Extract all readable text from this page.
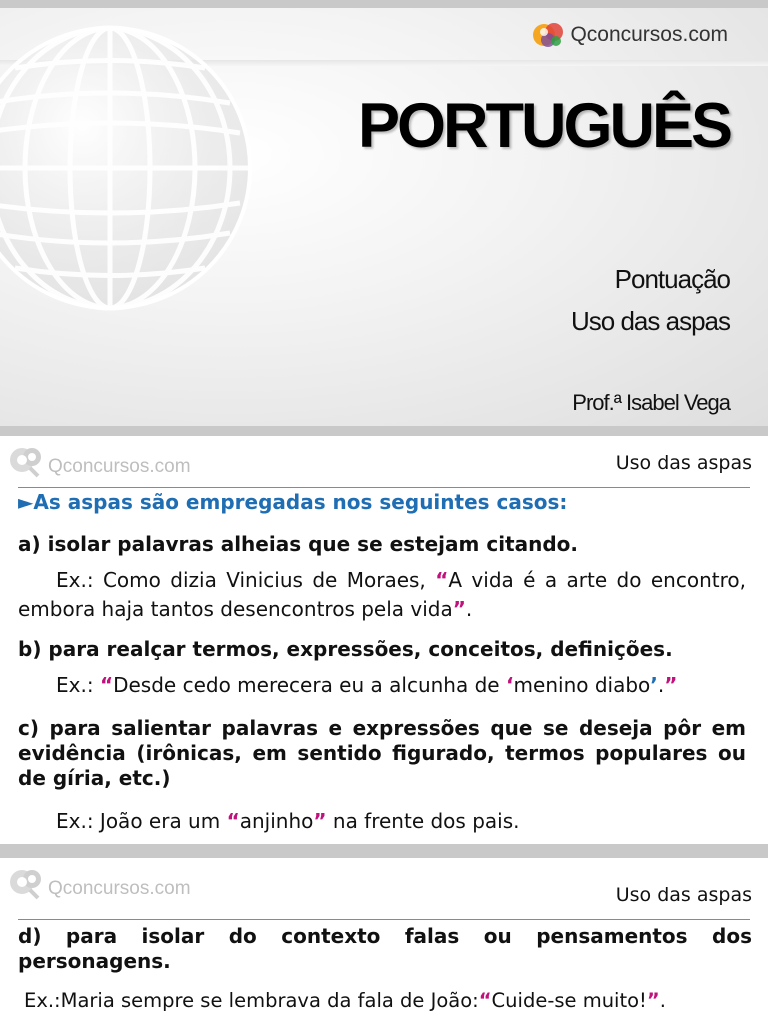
Qconcursos.com
PORTUGUÊS
Pontuação
Uso das aspas
Prof.ª Isabel Vega
Qconcursos.com	Uso das aspas
►As aspas são empregadas nos seguintes casos:
a) isolar palavras alheias que se estejam citando.
Ex.: Como dizia Vinicius de Moraes, “A vida é a arte do encontro, embora haja tantos desencontros pela vida”.
b) para realçar termos, expressões, conceitos, definições.
Ex.: “Desde cedo merecera eu a alcunha de ‘menino diabo’.”
c) para salientar palavras e expressões que se deseja pôr em evidência (irônicas, em sentido figurado, termos populares ou de gíria, etc.)
Ex.: João era um “anjinho” na frente dos pais.
Qconcursos.com	Uso das aspas
d) para isolar do contexto falas ou pensamentos dos personagens.
Ex.:Maria sempre se lembrava da fala de João:“Cuide-se muito!”.
